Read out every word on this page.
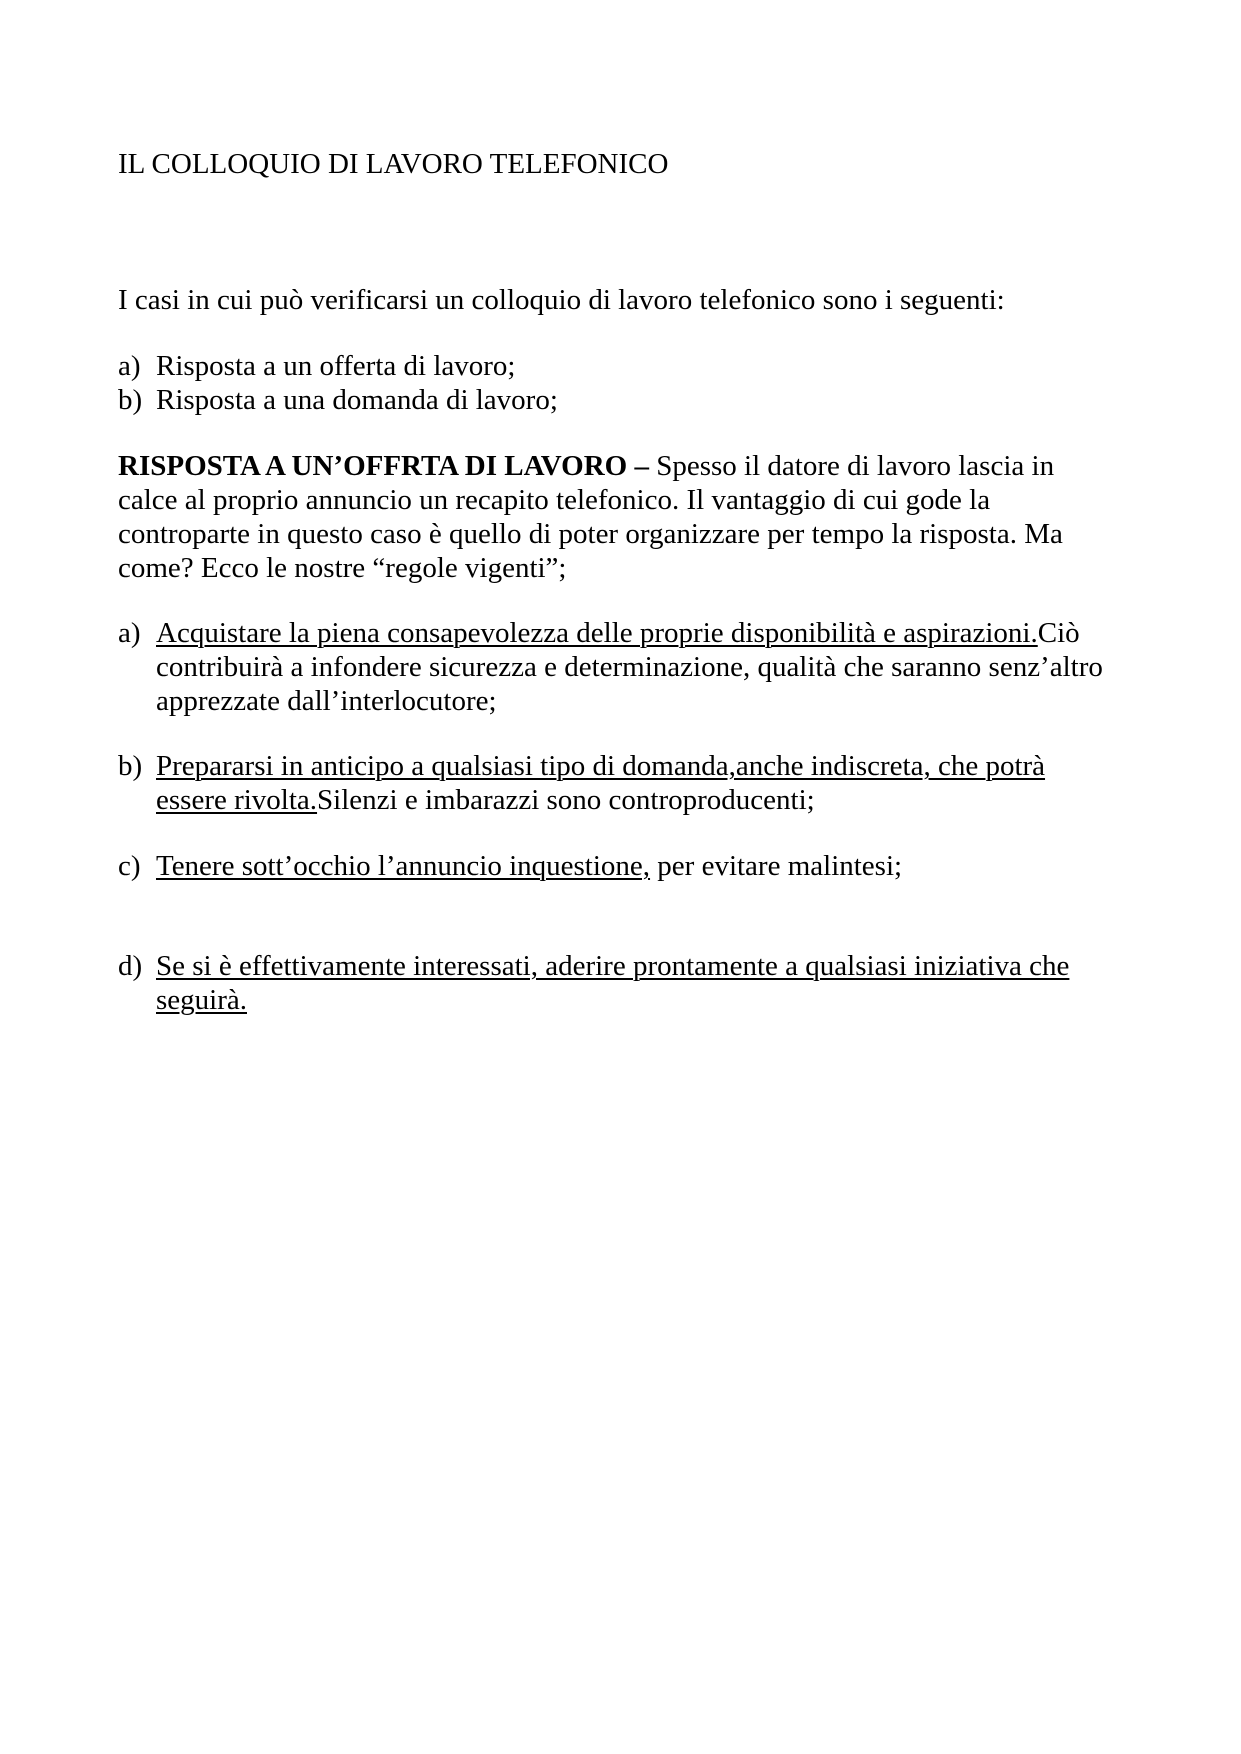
IL COLLOQUIO DI LAVORO TELEFONICO

I casi in cui può verificarsi un colloquio di lavoro telefonico sono i seguenti:

a) Risposta a un offerta di lavoro;
b) Risposta a una domanda di lavoro;

RISPOSTA A UN’OFFRTA DI LAVORO – Spesso il datore di lavoro lascia in calce al proprio annuncio un recapito telefonico. Il vantaggio di cui gode la controparte in questo caso è quello di poter organizzare per tempo la risposta. Ma come? Ecco le nostre “regole vigenti”;

a) Acquistare la piena consapevolezza delle proprie disponibilità e aspirazioni.Ciò contribuirà a infondere sicurezza e determinazione, qualità che saranno senz’altro apprezzate dall’interlocutore;

b) Prepararsi in anticipo a qualsiasi tipo di domanda,anche indiscreta, che potrà essere rivolta.Silenzi e imbarazzi sono controproducenti;

c) Tenere sott’occhio l’annuncio inquestione, per evitare malintesi;

d) Se si è effettivamente interessati, aderire prontamente a qualsiasi iniziativa che seguirà.
